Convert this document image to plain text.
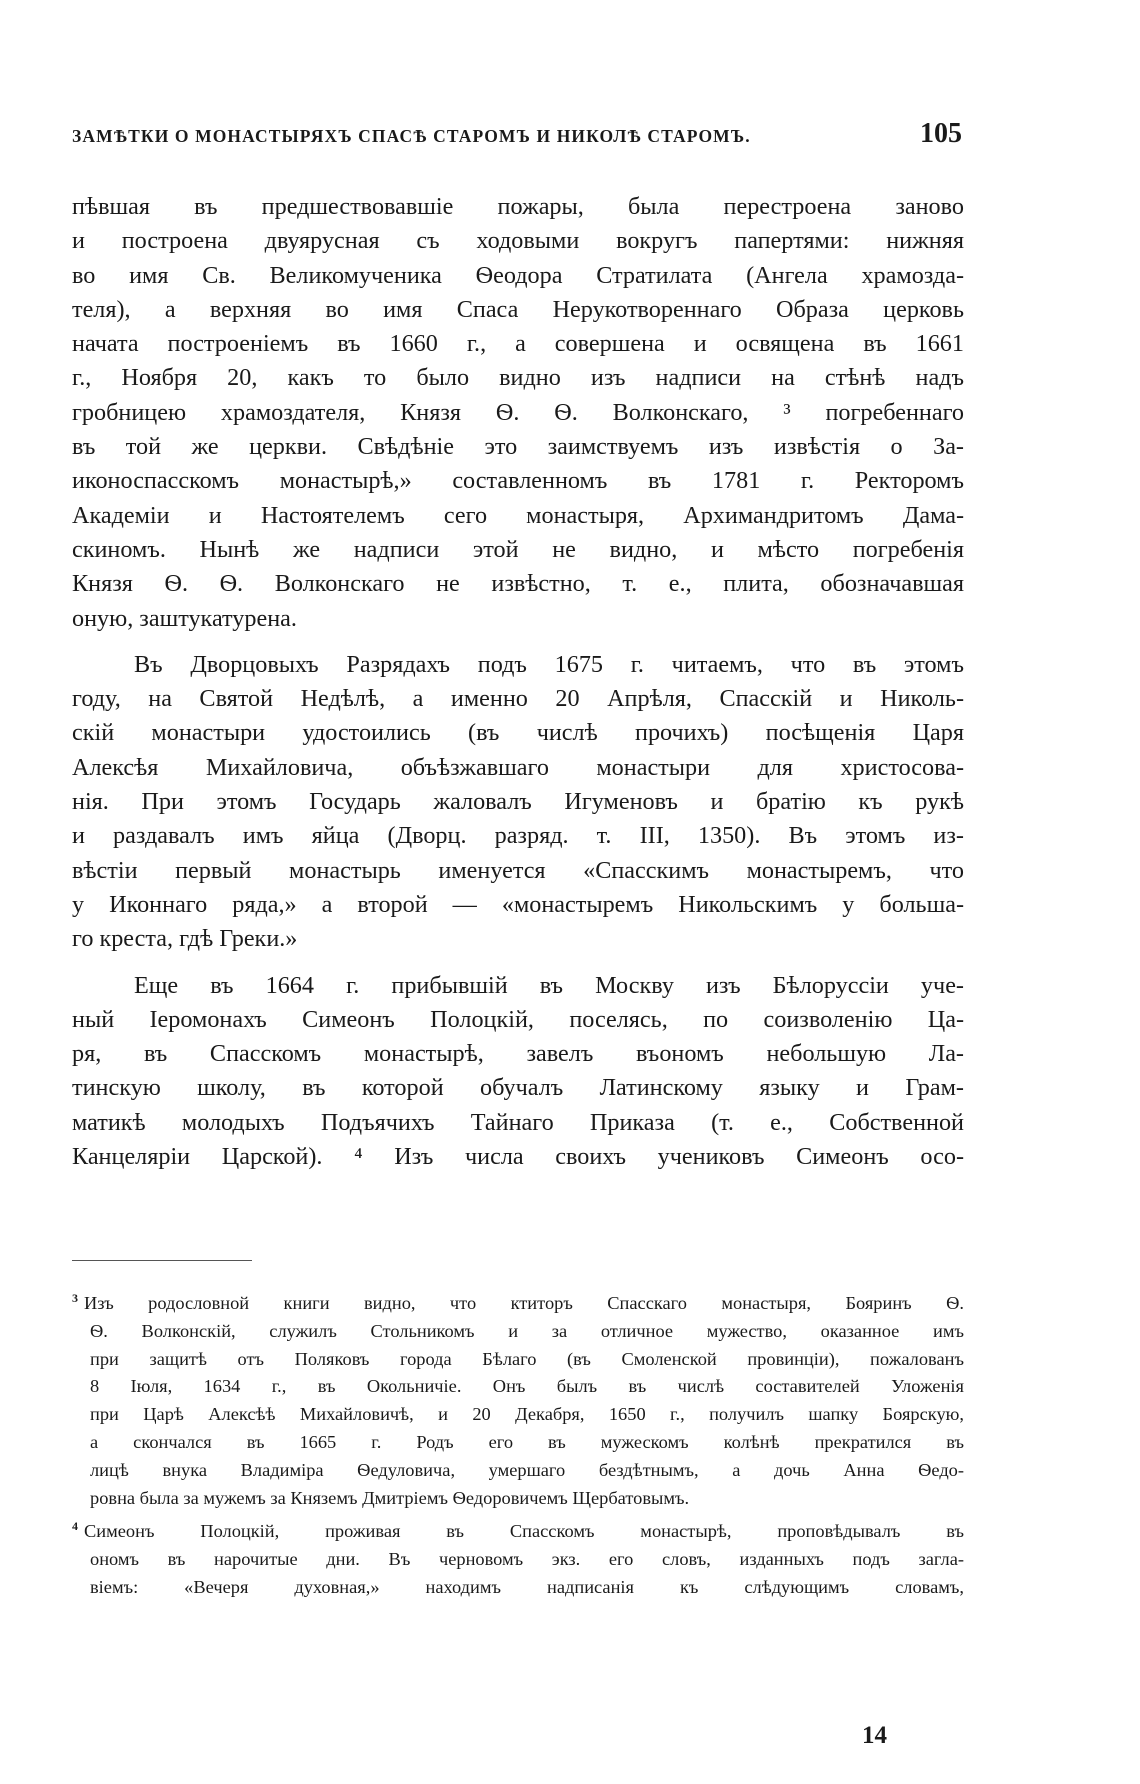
ЗАМѢТКИ О МОНАСТЫРЯХЪ СПАСѢ СТАРОМЪ И НИКОЛѢ СТАРОМЪ.	105

пѣвшая въ предшествовавшіе пожары, была перестроена заново
и построена двуярусная съ ходовыми вокругъ папертями: нижняя
во имя Св. Великомученика Ѳеодора Стратилата (Ангела храмозда-
теля), а верхняя во имя Спаса Нерукотвореннаго Образа церковь
начата построеніемъ въ 1660 г., а совершена и освящена въ 1661
г., Ноября 20, какъ то было видно изъ надписи на стѣнѣ надъ
гробницею храмоздателя, Князя Ѳ. Ѳ. Волконскаго, ³ погребеннаго
въ той же церкви. Свѣдѣніе это заимствуемъ изъ извѣстія о За-
иконоспасскомъ монастырѣ,» составленномъ въ 1781 г. Ректоромъ
Академіи и Настоятелемъ сего монастыря, Архимандритомъ Дама-
скиномъ. Нынѣ же надписи этой не видно, и мѣсто погребенія
Князя Ѳ. Ѳ. Волконскаго не извѣстно, т. е., плита, обозначавшая
оную, заштукатурена.

Въ Дворцовыхъ Разрядахъ подъ 1675 г. читаемъ, что въ этомъ
году, на Святой Недѣлѣ, а именно 20 Апрѣля, Спасскій и Николь-
скій монастыри удостоились (въ числѣ прочихъ) посѣщенія Царя
Алексѣя Михайловича, объѣзжавшаго монастыри для христосова-
нія. При этомъ Государь жаловалъ Игуменовъ и братію къ рукѣ
и раздавалъ имъ яйца (Дворц. разряд. т. III, 1350). Въ этомъ из-
вѣстіи первый монастырь именуется «Спасскимъ монастыремъ, что
у Иконнаго ряда,» а второй — «монастыремъ Никольскимъ у большa-
го креста, гдѣ Греки.»

Еще въ 1664 г. прибывшій въ Москву изъ Бѣлоруссіи уче-
ный Іеромонахъ Симеонъ Полоцкій, поселясь, по соизволенію Ца-
ря, въ Спасскомъ монастырѣ, завелъ въономъ небольшую Ла-
тинскую школу, въ которой обучалъ Латинскому языку и Грам-
матикѣ молодыхъ Подъячихъ Тайнаго Приказа (т. е., Собственной
Канцеляріи Царской). ⁴ Изъ числа своихъ учениковъ Симеонъ осо-

$^3$ Изъ родословной книги видно, что ктиторъ Спасскаго монастыря, Бояринъ Ѳ.
Ѳ. Волконскій, служилъ Стольникомъ и за отличное мужество, оказанное имъ
при защитѣ отъ Поляковъ города Бѣлаго (въ Смоленской провинціи), пожалованъ
8 Іюля, 1634 г., въ Окольничіе. Онъ былъ въ числѣ составителей Уложенія
при Царѣ Алексѣѣ Михайловичѣ, и 20 Декабря, 1650 г., получилъ шапку Боярскую,
а скончался въ 1665 г. Родъ его въ мужескомъ колѣнѣ прекратился въ
лицѣ внука Владиміра Ѳедуловича, умершаго бездѣтнымъ, а дочь Анна Ѳедо-
ровна была за мужемъ за Княземъ Дмитріемъ Ѳедоровичемъ Щербатовымъ.

$^4$ Симеонъ Полоцкій, проживая въ Спасскомъ монастырѣ, проповѣдывалъ въ
ономъ въ нарочитые дни. Въ черновомъ экз. его словъ, изданныхъ подъ загла-
віемъ: «Вечеря духовная,» находимъ надписанія къ слѣдующимъ словамъ,

14
